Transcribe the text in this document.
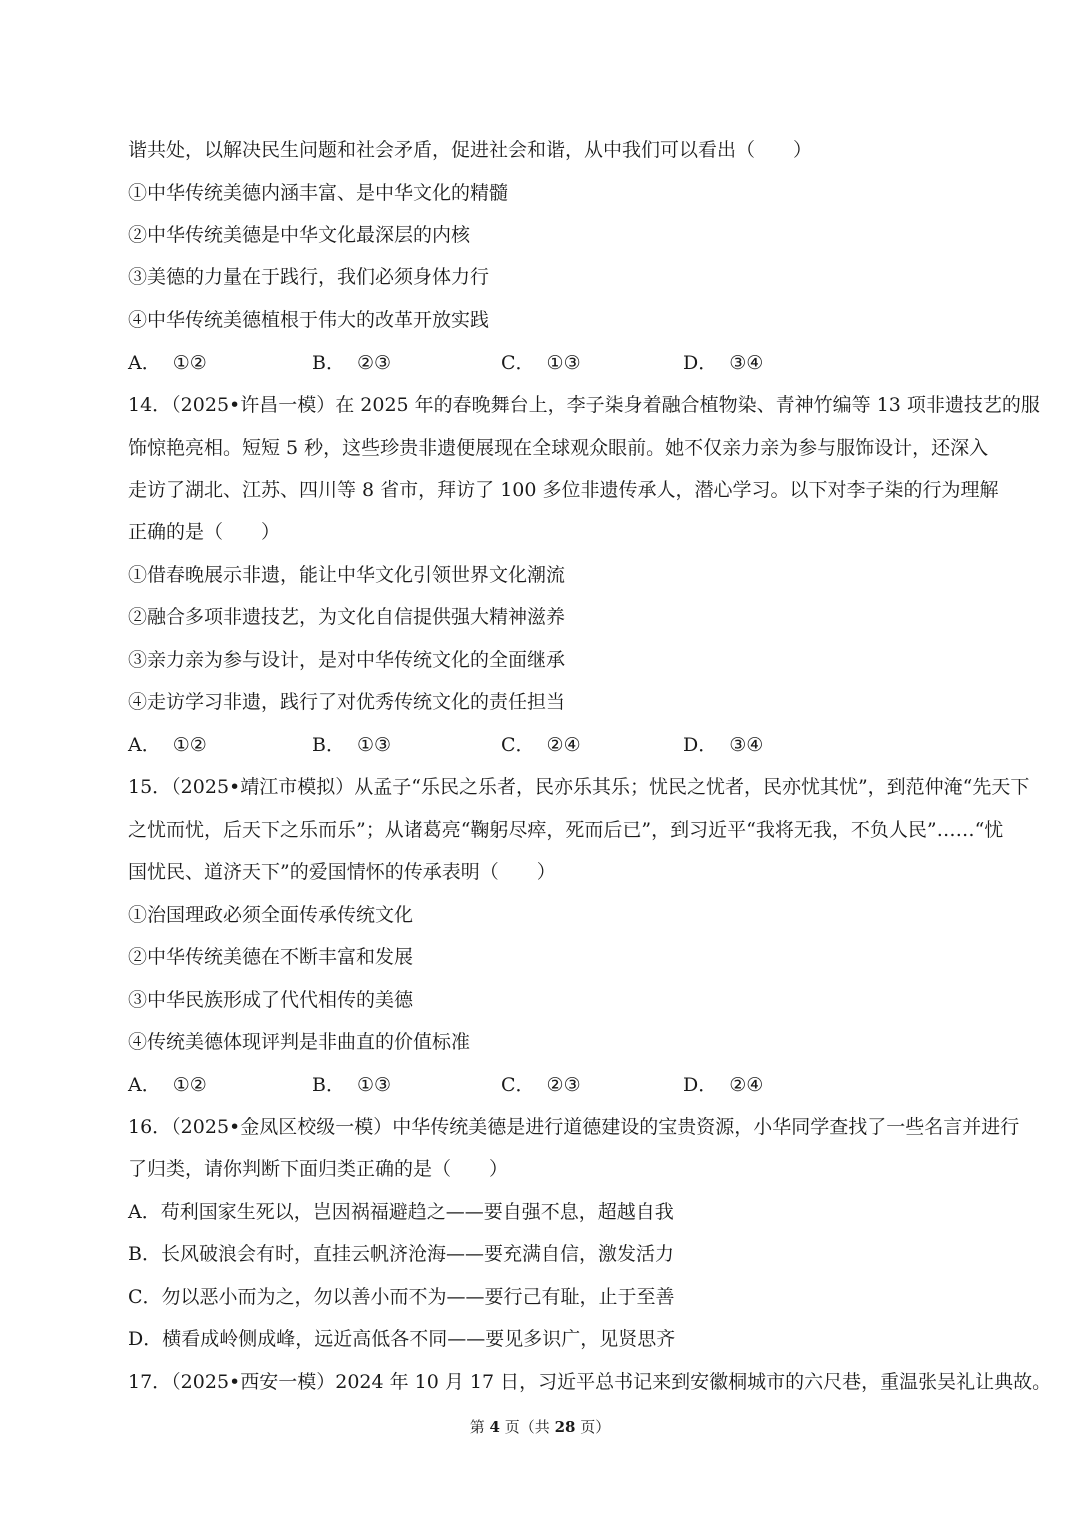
谐共处，以解决民生问题和社会矛盾，促进社会和谐，从中我们可以看出（　　）
①中华传统美德内涵丰富、是中华文化的精髓
②中华传统美德是中华文化最深层的内核
③美德的力量在于践行，我们必须身体力行
④中华传统美德植根于伟大的改革开放实践
A． ①②	B． ②③	C． ①③	D． ③④
14．（2025•许昌一模）在 2025 年的春晚舞台上，李子柒身着融合植物染、青神竹编等 13 项非遗技艺的服
饰惊艳亮相。短短 5 秒，这些珍贵非遗便展现在全球观众眼前。她不仅亲力亲为参与服饰设计，还深入
走访了湖北、江苏、四川等 8 省市，拜访了 100 多位非遗传承人，潜心学习。以下对李子柒的行为理解
正确的是（　　）
①借春晚展示非遗，能让中华文化引领世界文化潮流
②融合多项非遗技艺，为文化自信提供强大精神滋养
③亲力亲为参与设计，是对中华传统文化的全面继承
④走访学习非遗，践行了对优秀传统文化的责任担当
A． ①②	B． ①③	C． ②④	D． ③④
15．（2025•靖江市模拟）从孟子“乐民之乐者，民亦乐其乐；忧民之忧者，民亦忧其忧”，到范仲淹“先天下
之忧而忧，后天下之乐而乐”；从诸葛亮“鞠躬尽瘁，死而后已”，到习近平“我将无我，不负人民”……“忧
国忧民、道济天下”的爱国情怀的传承表明（　　）
①治国理政必须全面传承传统文化
②中华传统美德在不断丰富和发展
③中华民族形成了代代相传的美德
④传统美德体现评判是非曲直的价值标准
A． ①②	B． ①③	C． ②③	D． ②④
16．（2025•金凤区校级一模）中华传统美德是进行道德建设的宝贵资源，小华同学查找了一些名言并进行
了归类，请你判断下面归类正确的是（　　）
A．苟利国家生死以，岂因祸福避趋之——要自强不息，超越自我
B．长风破浪会有时，直挂云帆济沧海——要充满自信，激发活力
C．勿以恶小而为之，勿以善小而不为——要行己有耻，止于至善
D．横看成岭侧成峰，远近高低各不同——要见多识广，见贤思齐
17．（2025•西安一模）2024 年 10 月 17 日，习近平总书记来到安徽桐城市的六尺巷，重温张吴礼让典故。
第 4 页（共 28 页）
